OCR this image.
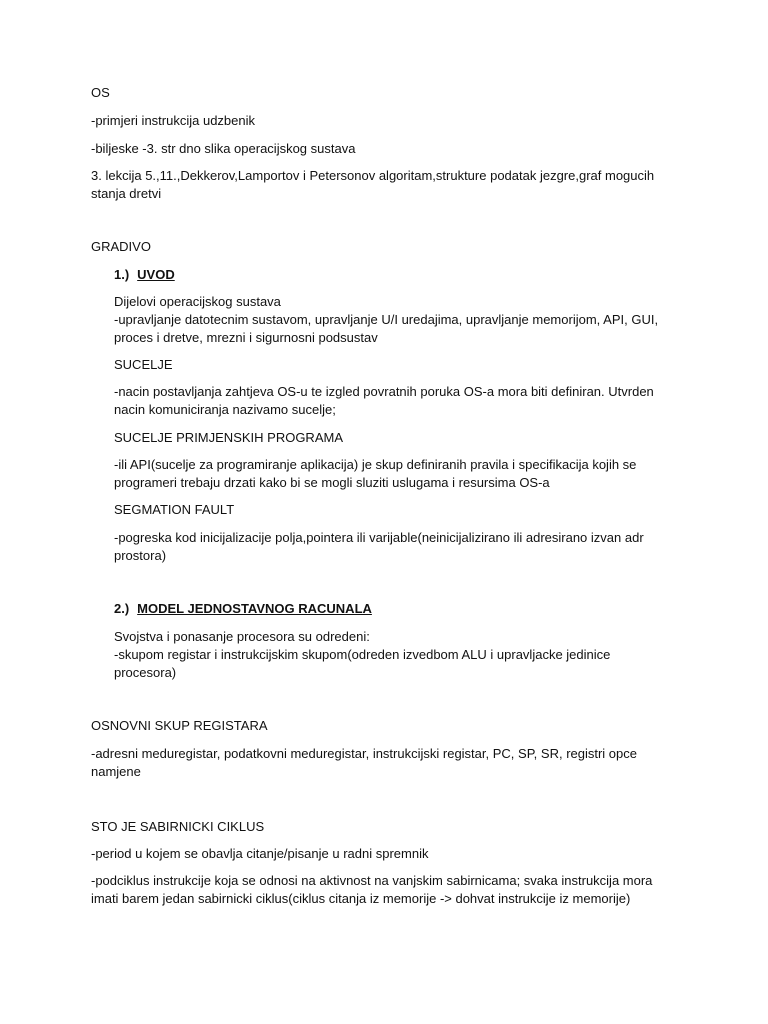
OS

-primjeri instrukcija udzbenik

-biljeske -3. str dno slika operacijskog sustava

3. lekcija 5.,11.,Dekkerov,Lamportov i Petersonov algoritam,strukture podatak jezgre,graf mogucih

stanja dretvi

GRADIVO

1.) UVOD

Dijelovi operacijskog sustava

-upravljanje datotecnim sustavom, upravljanje U/I uredajima, upravljanje memorijom, API, GUI,

proces i dretve, mrezni i sigurnosni podsustav

SUCELJE

-nacin postavljanja zahtjeva OS-u te izgled povratnih poruka OS-a mora biti definiran. Utvrden

nacin komuniciranja nazivamo sucelje;

SUCELJE PRIMJENSKIH PROGRAMA

-ili API(sucelje za programiranje aplikacija) je skup definiranih pravila i specifikacija kojih se

programeri trebaju drzati kako bi se mogli sluziti uslugama i resursima OS-a

SEGMATION FAULT

-pogreska kod inicijalizacije polja,pointera ili varijable(neinicijalizirano ili adresirano izvan adr

prostora)

2.) MODEL JEDNOSTAVNOG RACUNALA

Svojstva i ponasanje procesora su odredeni:

-skupom registar i instrukcijskim skupom(odreden izvedbom ALU i upravljacke jedinice

procesora)

OSNOVNI SKUP REGISTARA

-adresni meduregistar, podatkovni meduregistar, instrukcijski registar, PC, SP, SR, registri opce

namjene

STO JE SABIRNICKI CIKLUS

-period u kojem se obavlja citanje/pisanje u radni spremnik

-podciklus instrukcije koja se odnosi na aktivnost na vanjskim sabirnicama; svaka instrukcija mora

imati barem jedan sabirnicki ciklus(ciklus citanja iz memorije -> dohvat instrukcije iz memorije)
